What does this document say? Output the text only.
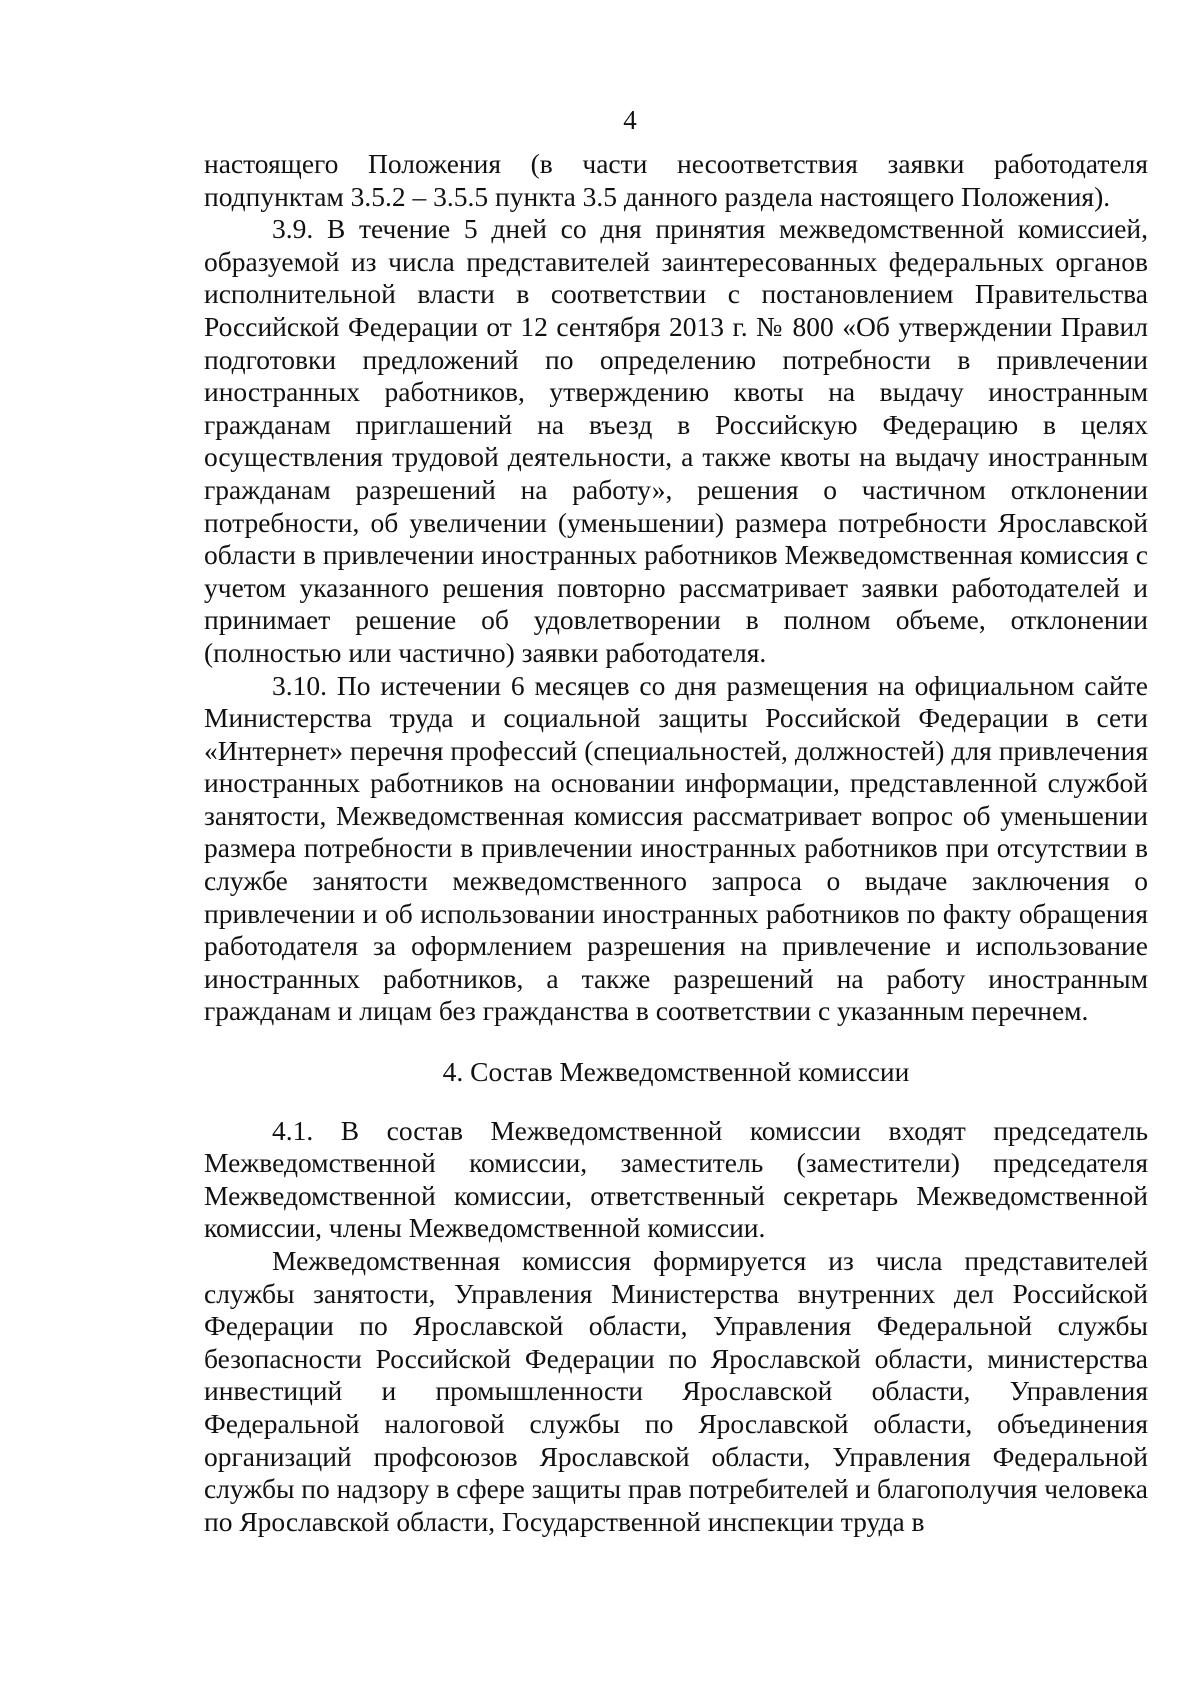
4

настоящего Положения (в части несоответствия заявки работодателя подпунктам 3.5.2 – 3.5.5 пункта 3.5 данного раздела настоящего Положения).

3.9. В течение 5 дней со дня принятия межведомственной комиссией, образуемой из числа представителей заинтересованных федеральных органов исполнительной власти в соответствии с постановлением Правительства Российской Федерации от 12 сентября 2013 г. № 800 «Об утверждении Правил подготовки предложений по определению потребности в привлечении иностранных работников, утверждению квоты на выдачу иностранным гражданам приглашений на въезд в Российскую Федерацию в целях осуществления трудовой деятельности, а также квоты на выдачу иностранным гражданам разрешений на работу», решения о частичном отклонении потребности, об увеличении (уменьшении) размера потребности Ярославской области в привлечении иностранных работников Межведомственная комиссия с учетом указанного решения повторно рассматривает заявки работодателей и принимает решение об удовлетворении в полном объеме, отклонении (полностью или частично) заявки работодателя.

3.10. По истечении 6 месяцев со дня размещения на официальном сайте Министерства труда и социальной защиты Российской Федерации в сети «Интернет» перечня профессий (специальностей, должностей) для привлечения иностранных работников на основании информации, представленной службой занятости, Межведомственная комиссия рассматривает вопрос об уменьшении размера потребности в привлечении иностранных работников при отсутствии в службе занятости межведомственного запроса о выдаче заключения о привлечении и об использовании иностранных работников по факту обращения работодателя за оформлением разрешения на привлечение и использование иностранных работников, а также разрешений на работу иностранным гражданам и лицам без гражданства в соответствии с указанным перечнем.

4. Состав Межведомственной комиссии

4.1. В состав Межведомственной комиссии входят председатель Межведомственной комиссии, заместитель (заместители) председателя Межведомственной комиссии, ответственный секретарь Межведомственной комиссии, члены Межведомственной комиссии.

Межведомственная комиссия формируется из числа представителей службы занятости, Управления Министерства внутренних дел Российской Федерации по Ярославской области, Управления Федеральной службы безопасности Российской Федерации по Ярославской области, министерства инвестиций и промышленности Ярославской области, Управления Федеральной налоговой службы по Ярославской области, объединения организаций профсоюзов Ярославской области, Управления Федеральной службы по надзору в сфере защиты прав потребителей и благополучия человека по Ярославской области, Государственной инспекции труда в
